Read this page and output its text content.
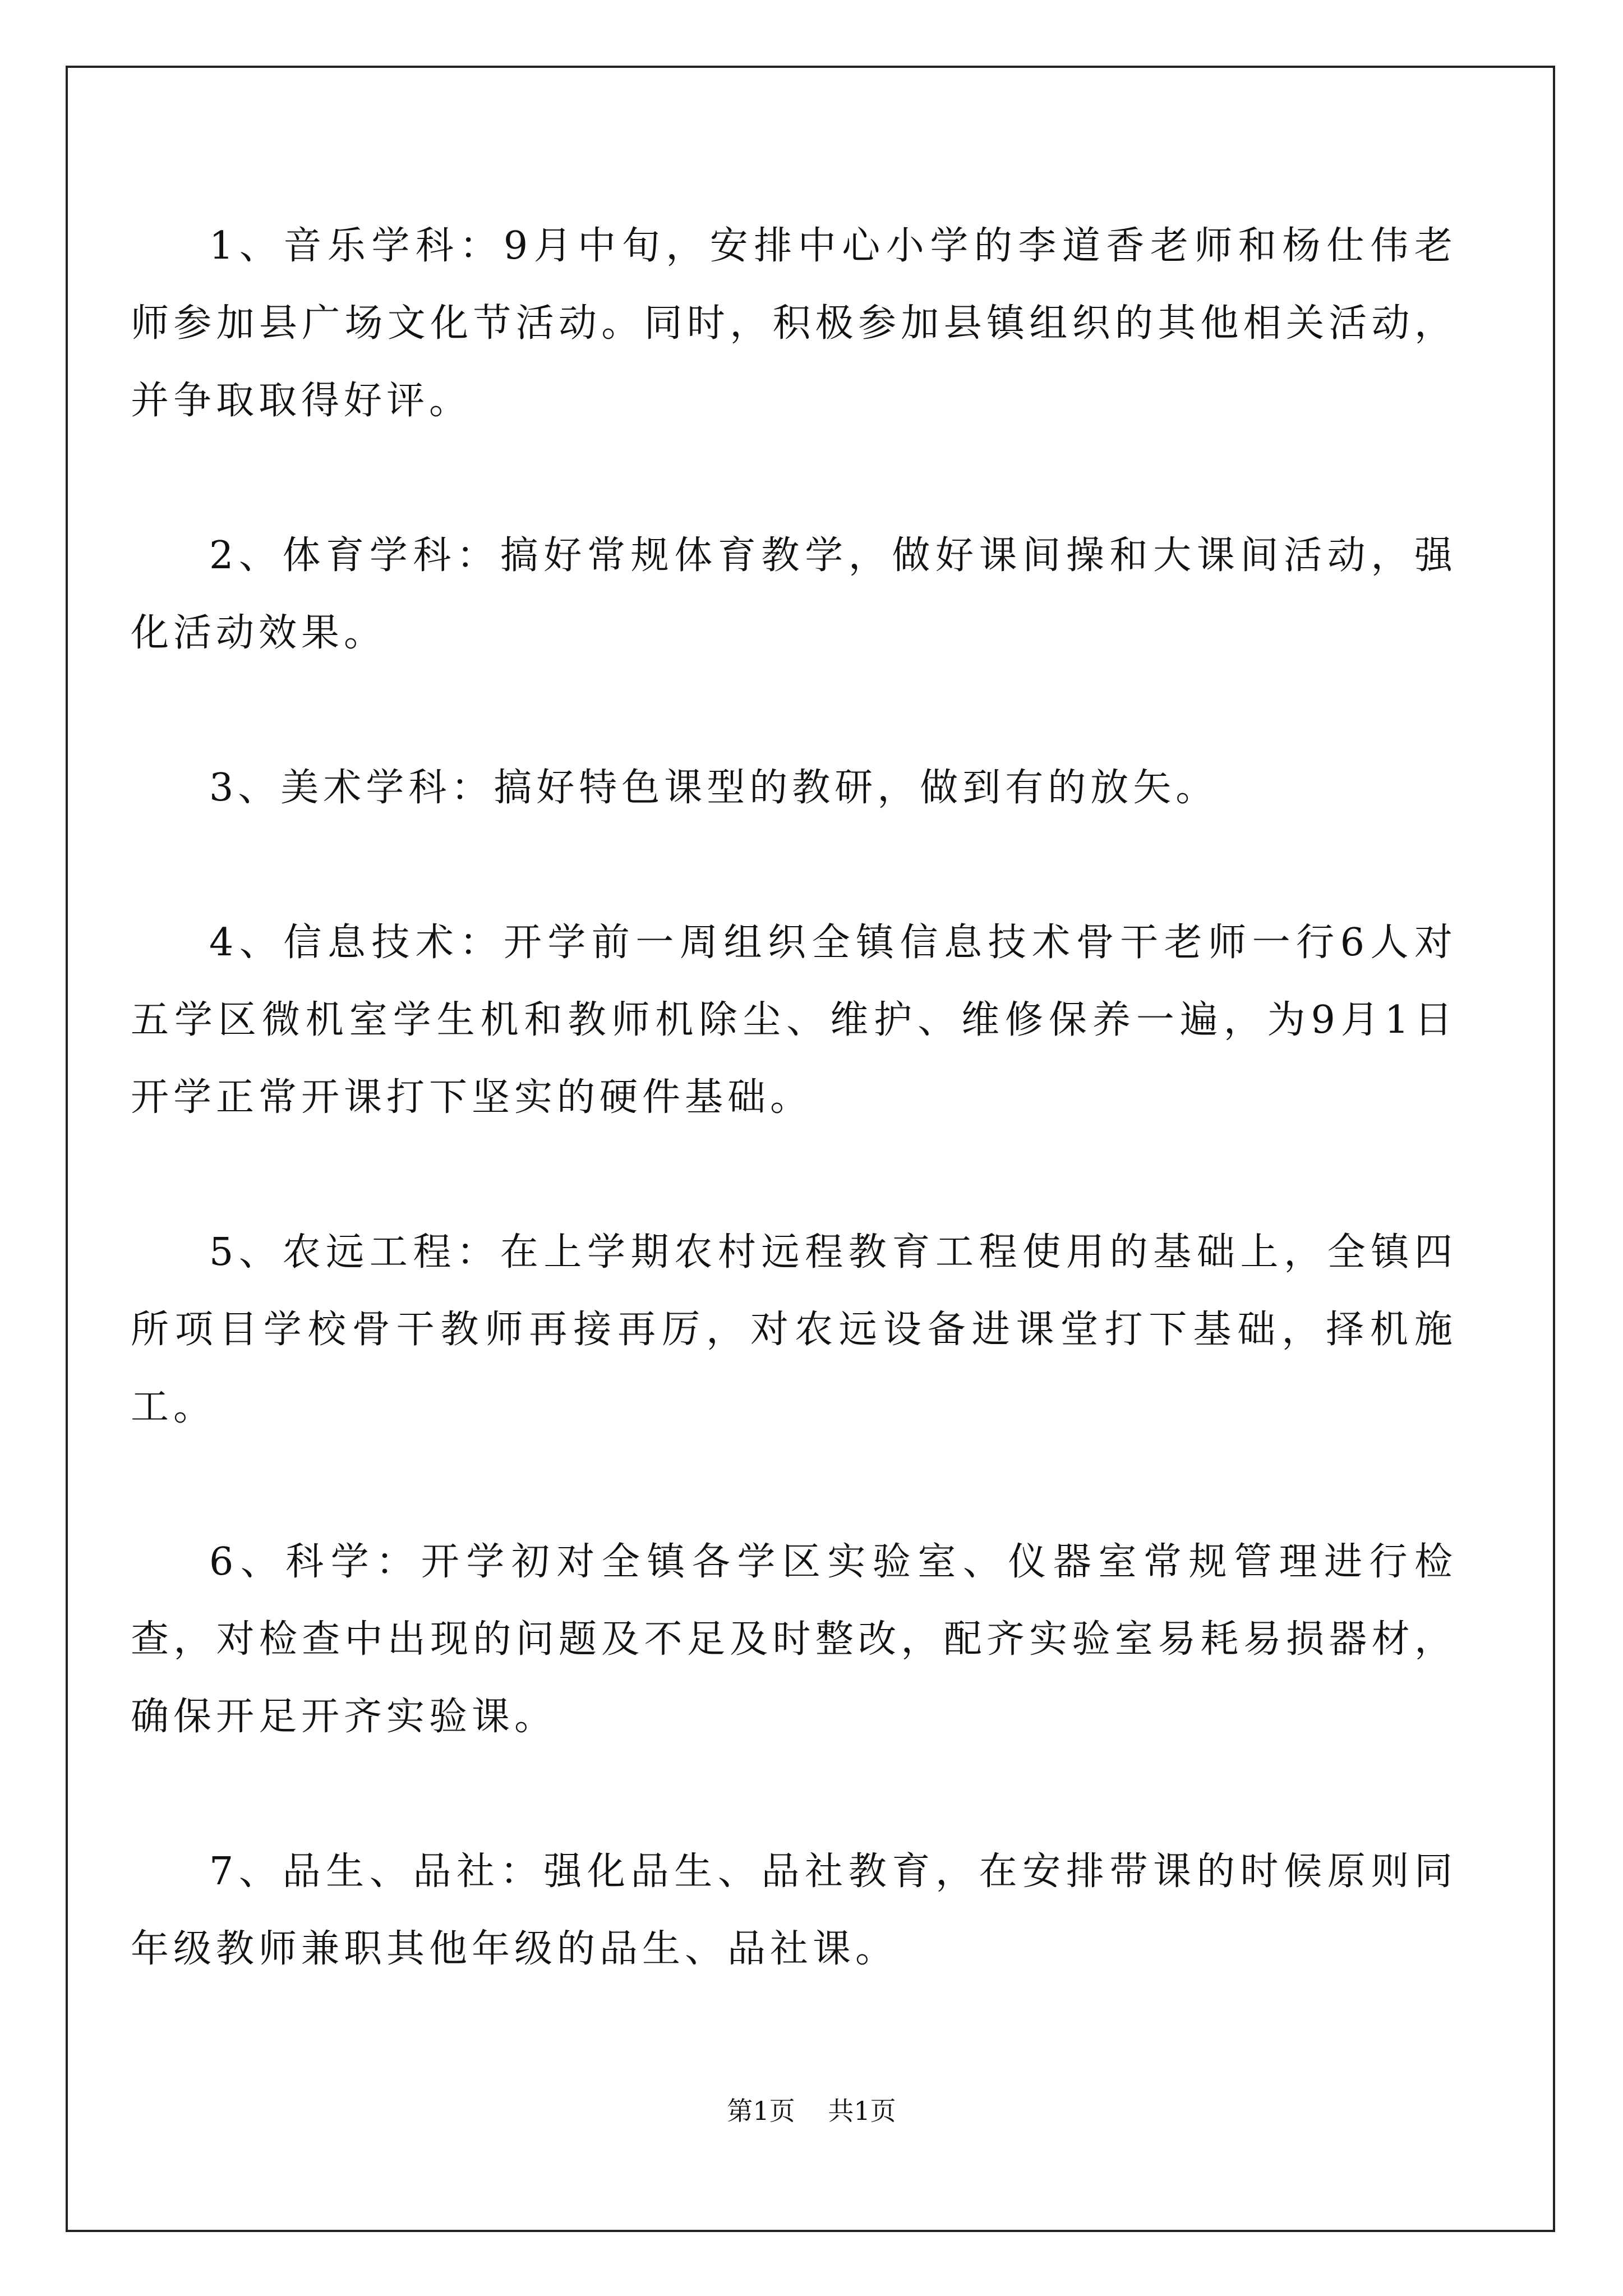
1、音乐学科：9月中旬，安排中心小学的李道香老师和杨仕伟老师参加县广场文化节活动。同时，积极参加县镇组织的其他相关活动，并争取取得好评。

2、体育学科：搞好常规体育教学，做好课间操和大课间活动，强化活动效果。

3、美术学科：搞好特色课型的教研，做到有的放矢。

4、信息技术：开学前一周组织全镇信息技术骨干老师一行6人对五学区微机室学生机和教师机除尘、维护、维修保养一遍，为9月1日开学正常开课打下坚实的硬件基础。

5、农远工程：在上学期农村远程教育工程使用的基础上，全镇四所项目学校骨干教师再接再厉，对农远设备进课堂打下基础，择机施工。

6、科学：开学初对全镇各学区实验室、仪器室常规管理进行检查，对检查中出现的问题及不足及时整改，配齐实验室易耗易损器材，确保开足开齐实验课。

7、品生、品社：强化品生、品社教育，在安排带课的时候原则同年级教师兼职其他年级的品生、品社课。

第1页 共1页
